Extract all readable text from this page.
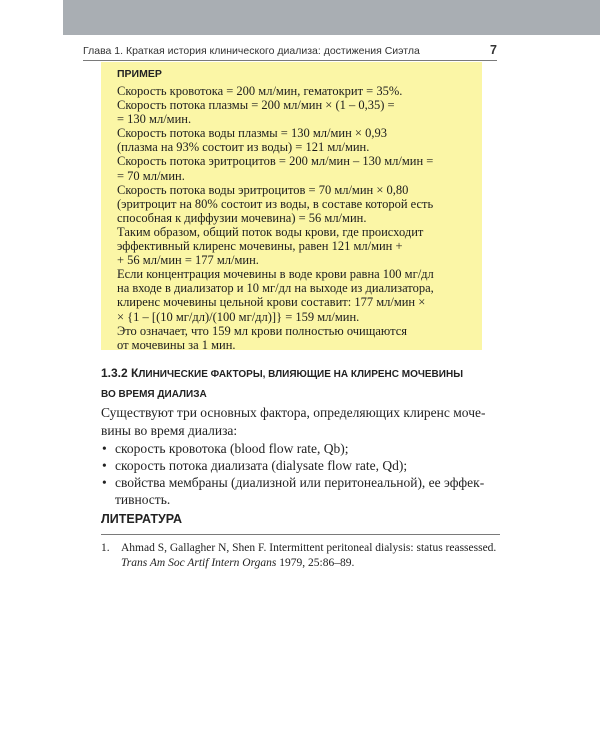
Глава 1. Краткая история клинического диализа: достижения Сиэтла	7
ПРИМЕР
Скорость кровотока = 200 мл/мин, гематокрит = 35%.
Скорость потока плазмы = 200 мл/мин × (1 – 0,35) =
= 130 мл/мин.
Скорость потока воды плазмы = 130 мл/мин × 0,93
(плазма на 93% состоит из воды) = 121 мл/мин.
Скорость потока эритроцитов = 200 мл/мин – 130 мл/мин =
= 70 мл/мин.
Скорость потока воды эритроцитов = 70 мл/мин × 0,80
(эритроцит на 80% состоит из воды, в составе которой есть
способная к диффузии мочевина) = 56 мл/мин.
Таким образом, общий поток воды крови, где происходит
эффективный клиренс мочевины, равен 121 мл/мин +
+ 56 мл/мин = 177 мл/мин.
Если концентрация мочевины в воде крови равна 100 мг/дл
на входе в диализатор и 10 мг/дл на выходе из диализатора,
клиренс мочевины цельной крови составит: 177 мл/мин ×
× {1 – [(10 мг/дл)/(100 мг/дл)]} = 159 мл/мин.
Это означает, что 159 мл крови полностью очищаются
от мочевины за 1 мин.
1.3.2 КЛИНИЧЕСКИЕ ФАКТОРЫ, ВЛИЯЮЩИЕ НА КЛИРЕНС МОЧЕВИНЫ
ВО ВРЕМЯ ДИАЛИЗА
Существуют три основных фактора, определяющих клиренс моче-
вины во время диализа:
• скорость кровотока (blood flow rate, Qb);
• скорость потока диализата (dialysate flow rate, Qd);
• свойства мембраны (диализной или перитонеальной), ее эффек-
тивность.
ЛИТЕРАТУРА
1. Ahmad S, Gallagher N, Shen F. Intermittent peritoneal dialysis: status reassessed.
Trans Am Soc Artif Intern Organs 1979, 25:86–89.
